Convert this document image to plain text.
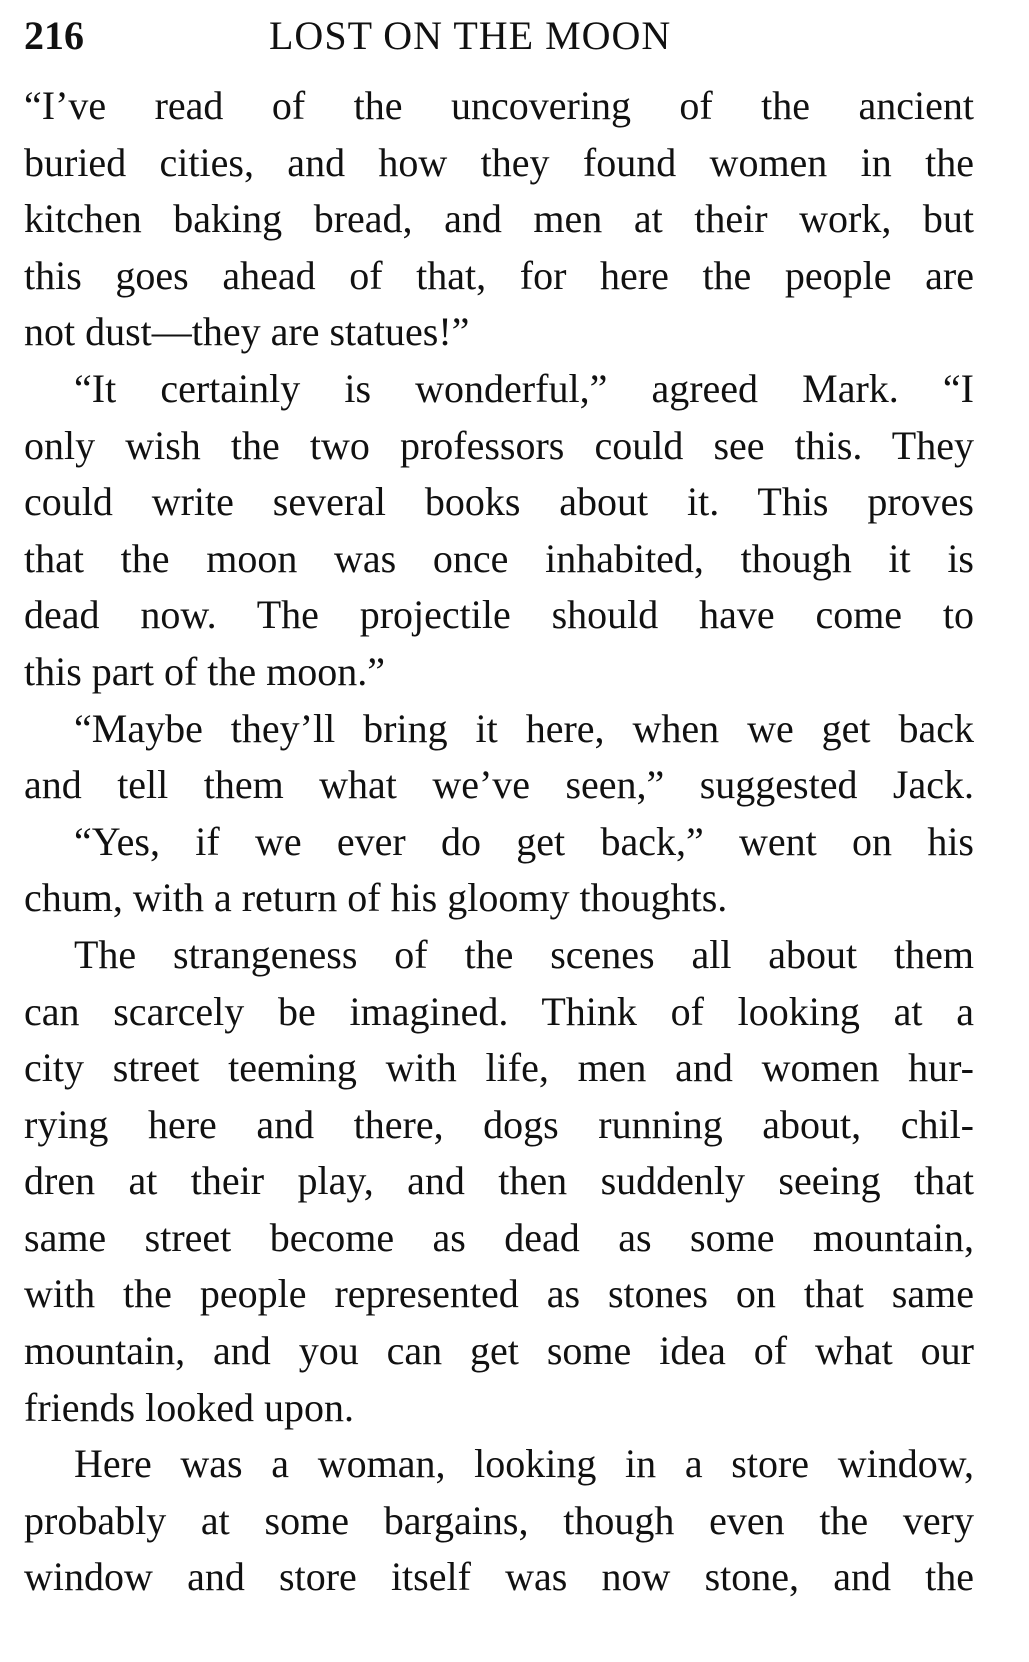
216	LOST ON THE MOON
“I’ve read of the uncovering of the ancient
buried cities, and how they found women in the
kitchen baking bread, and men at their work, but
this goes ahead of that, for here the people are
not dust—they are statues!”
“It certainly is wonderful,” agreed Mark. “I
only wish the two professors could see this. They
could write several books about it. This proves
that the moon was once inhabited, though it is
dead now. The projectile should have come to
this part of the moon.”
“Maybe they’ll bring it here, when we get back
and tell them what we’ve seen,” suggested Jack.
“Yes, if we ever do get back,” went on his
chum, with a return of his gloomy thoughts.
The strangeness of the scenes all about them
can scarcely be imagined. Think of looking at a
city street teeming with life, men and women hur-
rying here and there, dogs running about, chil-
dren at their play, and then suddenly seeing that
same street become as dead as some mountain,
with the people represented as stones on that same
mountain, and you can get some idea of what our
friends looked upon.
Here was a woman, looking in a store window,
probably at some bargains, though even the very
window and store itself was now stone, and the
